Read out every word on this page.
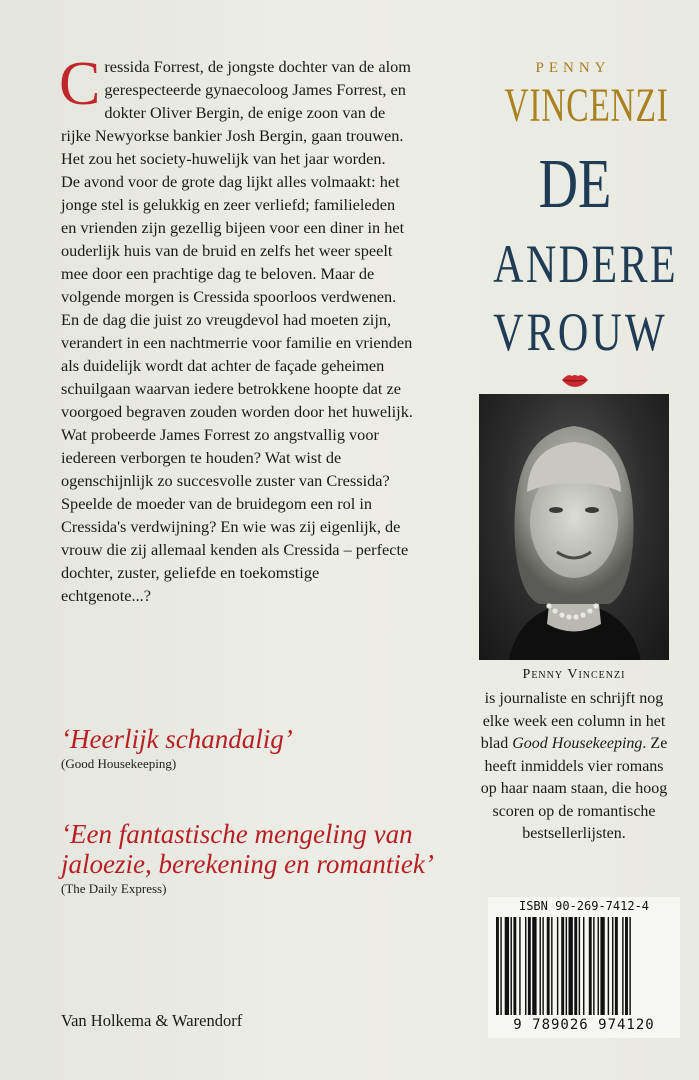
Cressida Forrest, de jongste dochter van de alom gerespecteerde gynaecoloog James Forrest, en dokter Oliver Bergin, de enige zoon van de rijke Newyorkse bankier Josh Bergin, gaan trouwen. Het zou het society-huwelijk van het jaar worden.

De avond voor de grote dag lijkt alles volmaakt: het jonge stel is gelukkig en zeer verliefd; familieleden en vrienden zijn gezellig bijeen voor een diner in het ouderlijk huis van de bruid en zelfs het weer speelt mee door een prachtige dag te beloven. Maar de volgende morgen is Cressida spoorloos verdwenen.

En de dag die juist zo vreugdevol had moeten zijn, verandert in een nachtmerrie voor familie en vrienden als duidelijk wordt dat achter de façade geheimen schuilgaan waarvan iedere betrokkene hoopte dat ze voorgoed begraven zouden worden door het huwelijk.

Wat probeerde James Forrest zo angstvallig voor iedereen verborgen te houden? Wat wist de ogenschijnlijk zo succesvolle zuster van Cressida? Speelde de moeder van de bruidegom een rol in Cressida's verdwijning? En wie was zij eigenlijk, de vrouw die zij allemaal kenden als Cressida – perfecte dochter, zuster, geliefde en toekomstige echtgenote...?

‘Heerlijk schandalig’
(Good Housekeeping)
‘Een fantastische mengeling van jaloezie, berekening en romantiek’
(The Daily Express)
Van Holkema & Warendorf
PENNY
VINCENZI
DE
ANDERE
VROUW
Penny Vincenzi
is journaliste en schrijft nog elke week een column in het blad Good Housekeeping. Ze heeft inmiddels vier romans op haar naam staan, die hoog scoren op de romantische bestsellerlijsten.
ISBN 90-269-7412-4
9 789026 974120
